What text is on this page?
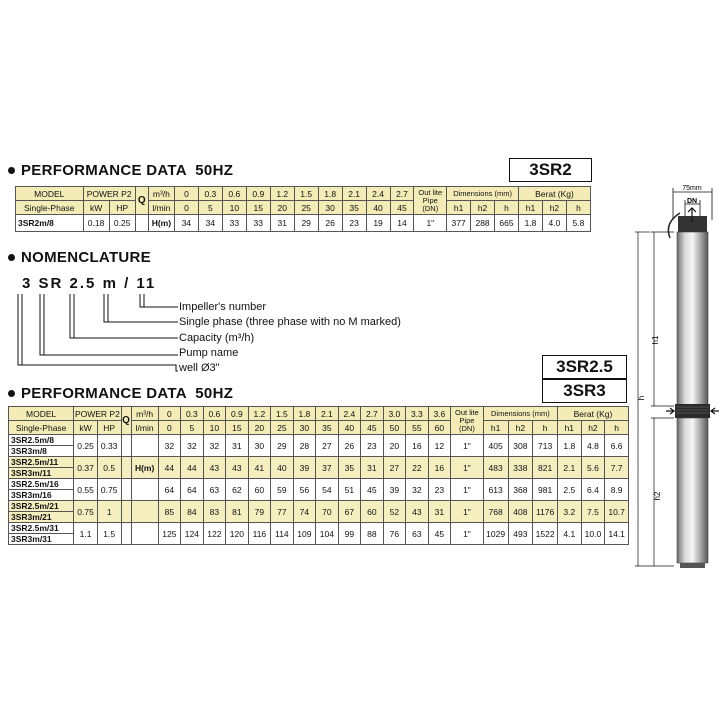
PERFORMANCE DATA  50HZ	3SR2
MODEL	POWER P2		Q	m³/h	0	0.3	0.6	0.9	1.2	1.5	1.8	2.1	2.4	2.7	Out lite Pipe (DN)	Dimensions (mm)			Berat (Kg)		
Single-Phase	kW	HP		l/min	0	5	10	15	20	25	30	35	40	45		h1	h2	h	h1	h2	h
3SR2m/8	0.18	0.25		H(m)	34	34	33	33	31	29	26	23	19	14	1"	377	288	665	1.8	4.0	5.8
NOMENCLATURE
3 SR 2.5 m / 11
Impeller's number
Single phase (three phase with no M marked)
Capacity (m³/h)
Pump name
well Ø3"	3SR2.5
3SR3
PERFORMANCE DATA  50HZ
MODEL	POWER P2		Q	m³/h	0	0.3	0.6	0.9	1.2	1.5	1.8	2.1	2.4	2.7	3.0	3.3	3.6	Out lite Pipe (DN)	Dimensions (mm)			Berat (Kg)		
Single-Phase	kW	HP		l/min	0	5	10	15	20	25	30	35	40	45	50	55	60		h1	h2	h	h1	h2	h
3SR2.5m/8	0.25	0.33			32	32	32	31	30	29	28	27	26	23	20	16	12	1"	405	308	713	1.8	4.8	6.6
3SR3m/8																								
3SR2.5m/11	0.37	0.5		H(m)	44	44	43	43	41	40	39	37	35	31	27	22	16	1"	483	338	821	2.1	5.6	7.7
3SR3m/11																								
3SR2.5m/16	0.55	0.75			64	64	63	62	60	59	56	54	51	45	39	32	23	1"	613	368	981	2.5	6.4	8.9
3SR3m/16																								
3SR2.5m/21	0.75	1			85	84	83	81	79	77	74	70	67	60	52	43	31	1"	768	408	1176	3.2	7.5	10.7
3SR3m/21																								
3SR2.5m/31	1.1	1.5			125	124	122	120	116	114	109	104	99	88	76	63	45	1"	1029	493	1522	4.1	10.0	14.1
3SR3m/31																								
75mm
DN
h1
h
h2
